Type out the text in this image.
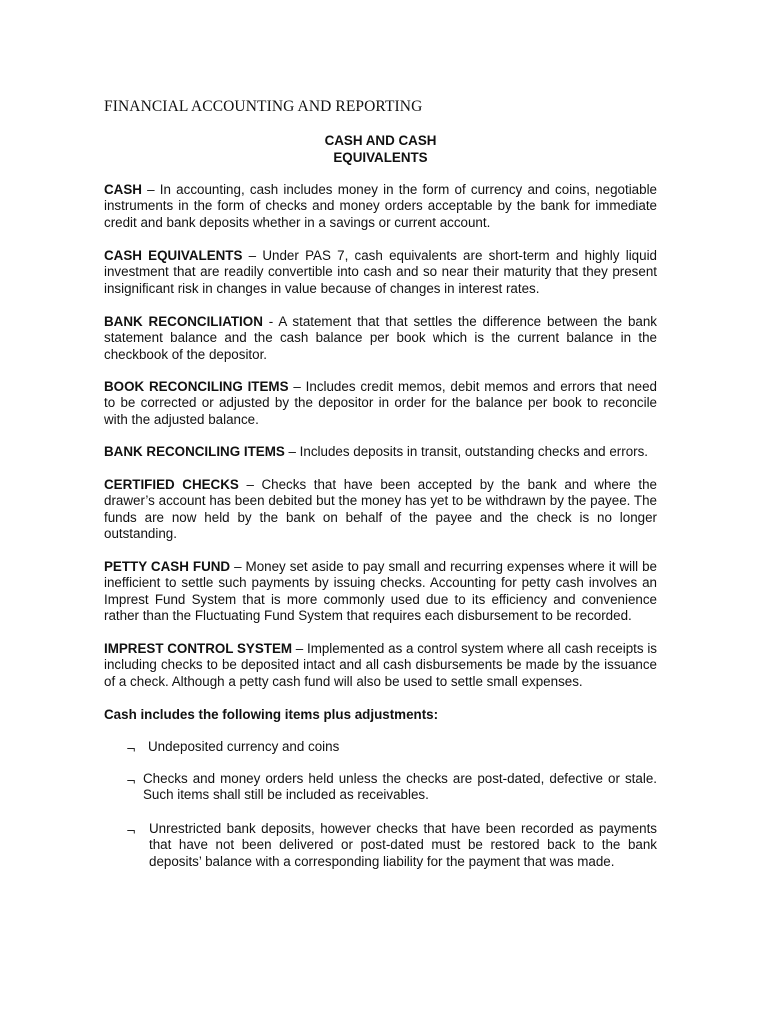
FINANCIAL ACCOUNTING AND REPORTING
CASH AND CASH
EQUIVALENTS
CASH – In accounting, cash includes money in the form of currency and coins, negotiable instruments in the form of checks and money orders acceptable by the bank for immediate credit and bank deposits whether in a savings or current account.
CASH EQUIVALENTS – Under PAS 7, cash equivalents are short-term and highly liquid investment that are readily convertible into cash and so near their maturity that they present insignificant risk in changes in value because of changes in interest rates.
BANK RECONCILIATION - A statement that that settles the difference between the bank statement balance and the cash balance per book which is the current balance in the checkbook of the depositor.
BOOK RECONCILING ITEMS – Includes credit memos, debit memos and errors that need to be corrected or adjusted by the depositor in order for the balance per book to reconcile with the adjusted balance.
BANK RECONCILING ITEMS – Includes deposits in transit, outstanding checks and errors.
CERTIFIED CHECKS – Checks that have been accepted by the bank and where the drawer’s account has been debited but the money has yet to be withdrawn by the payee. The funds are now held by the bank on behalf of the payee and the check is no longer outstanding.
PETTY CASH FUND – Money set aside to pay small and recurring expenses where it will be inefficient to settle such payments by issuing checks. Accounting for petty cash involves an Imprest Fund System that is more commonly used due to its efficiency and convenience rather than the Fluctuating Fund System that requires each disbursement to be recorded.
IMPREST CONTROL SYSTEM – Implemented as a control system where all cash receipts is including checks to be deposited intact and all cash disbursements be made by the issuance of a check. Although a petty cash fund will also be used to settle small expenses.
Cash includes the following items plus adjustments:
¬ Undeposited currency and coins
¬ Checks and money orders held unless the checks are post-dated, defective or stale. Such items shall still be included as receivables.
¬ Unrestricted bank deposits, however checks that have been recorded as payments that have not been delivered or post-dated must be restored back to the bank deposits’ balance with a corresponding liability for the payment that was made.
